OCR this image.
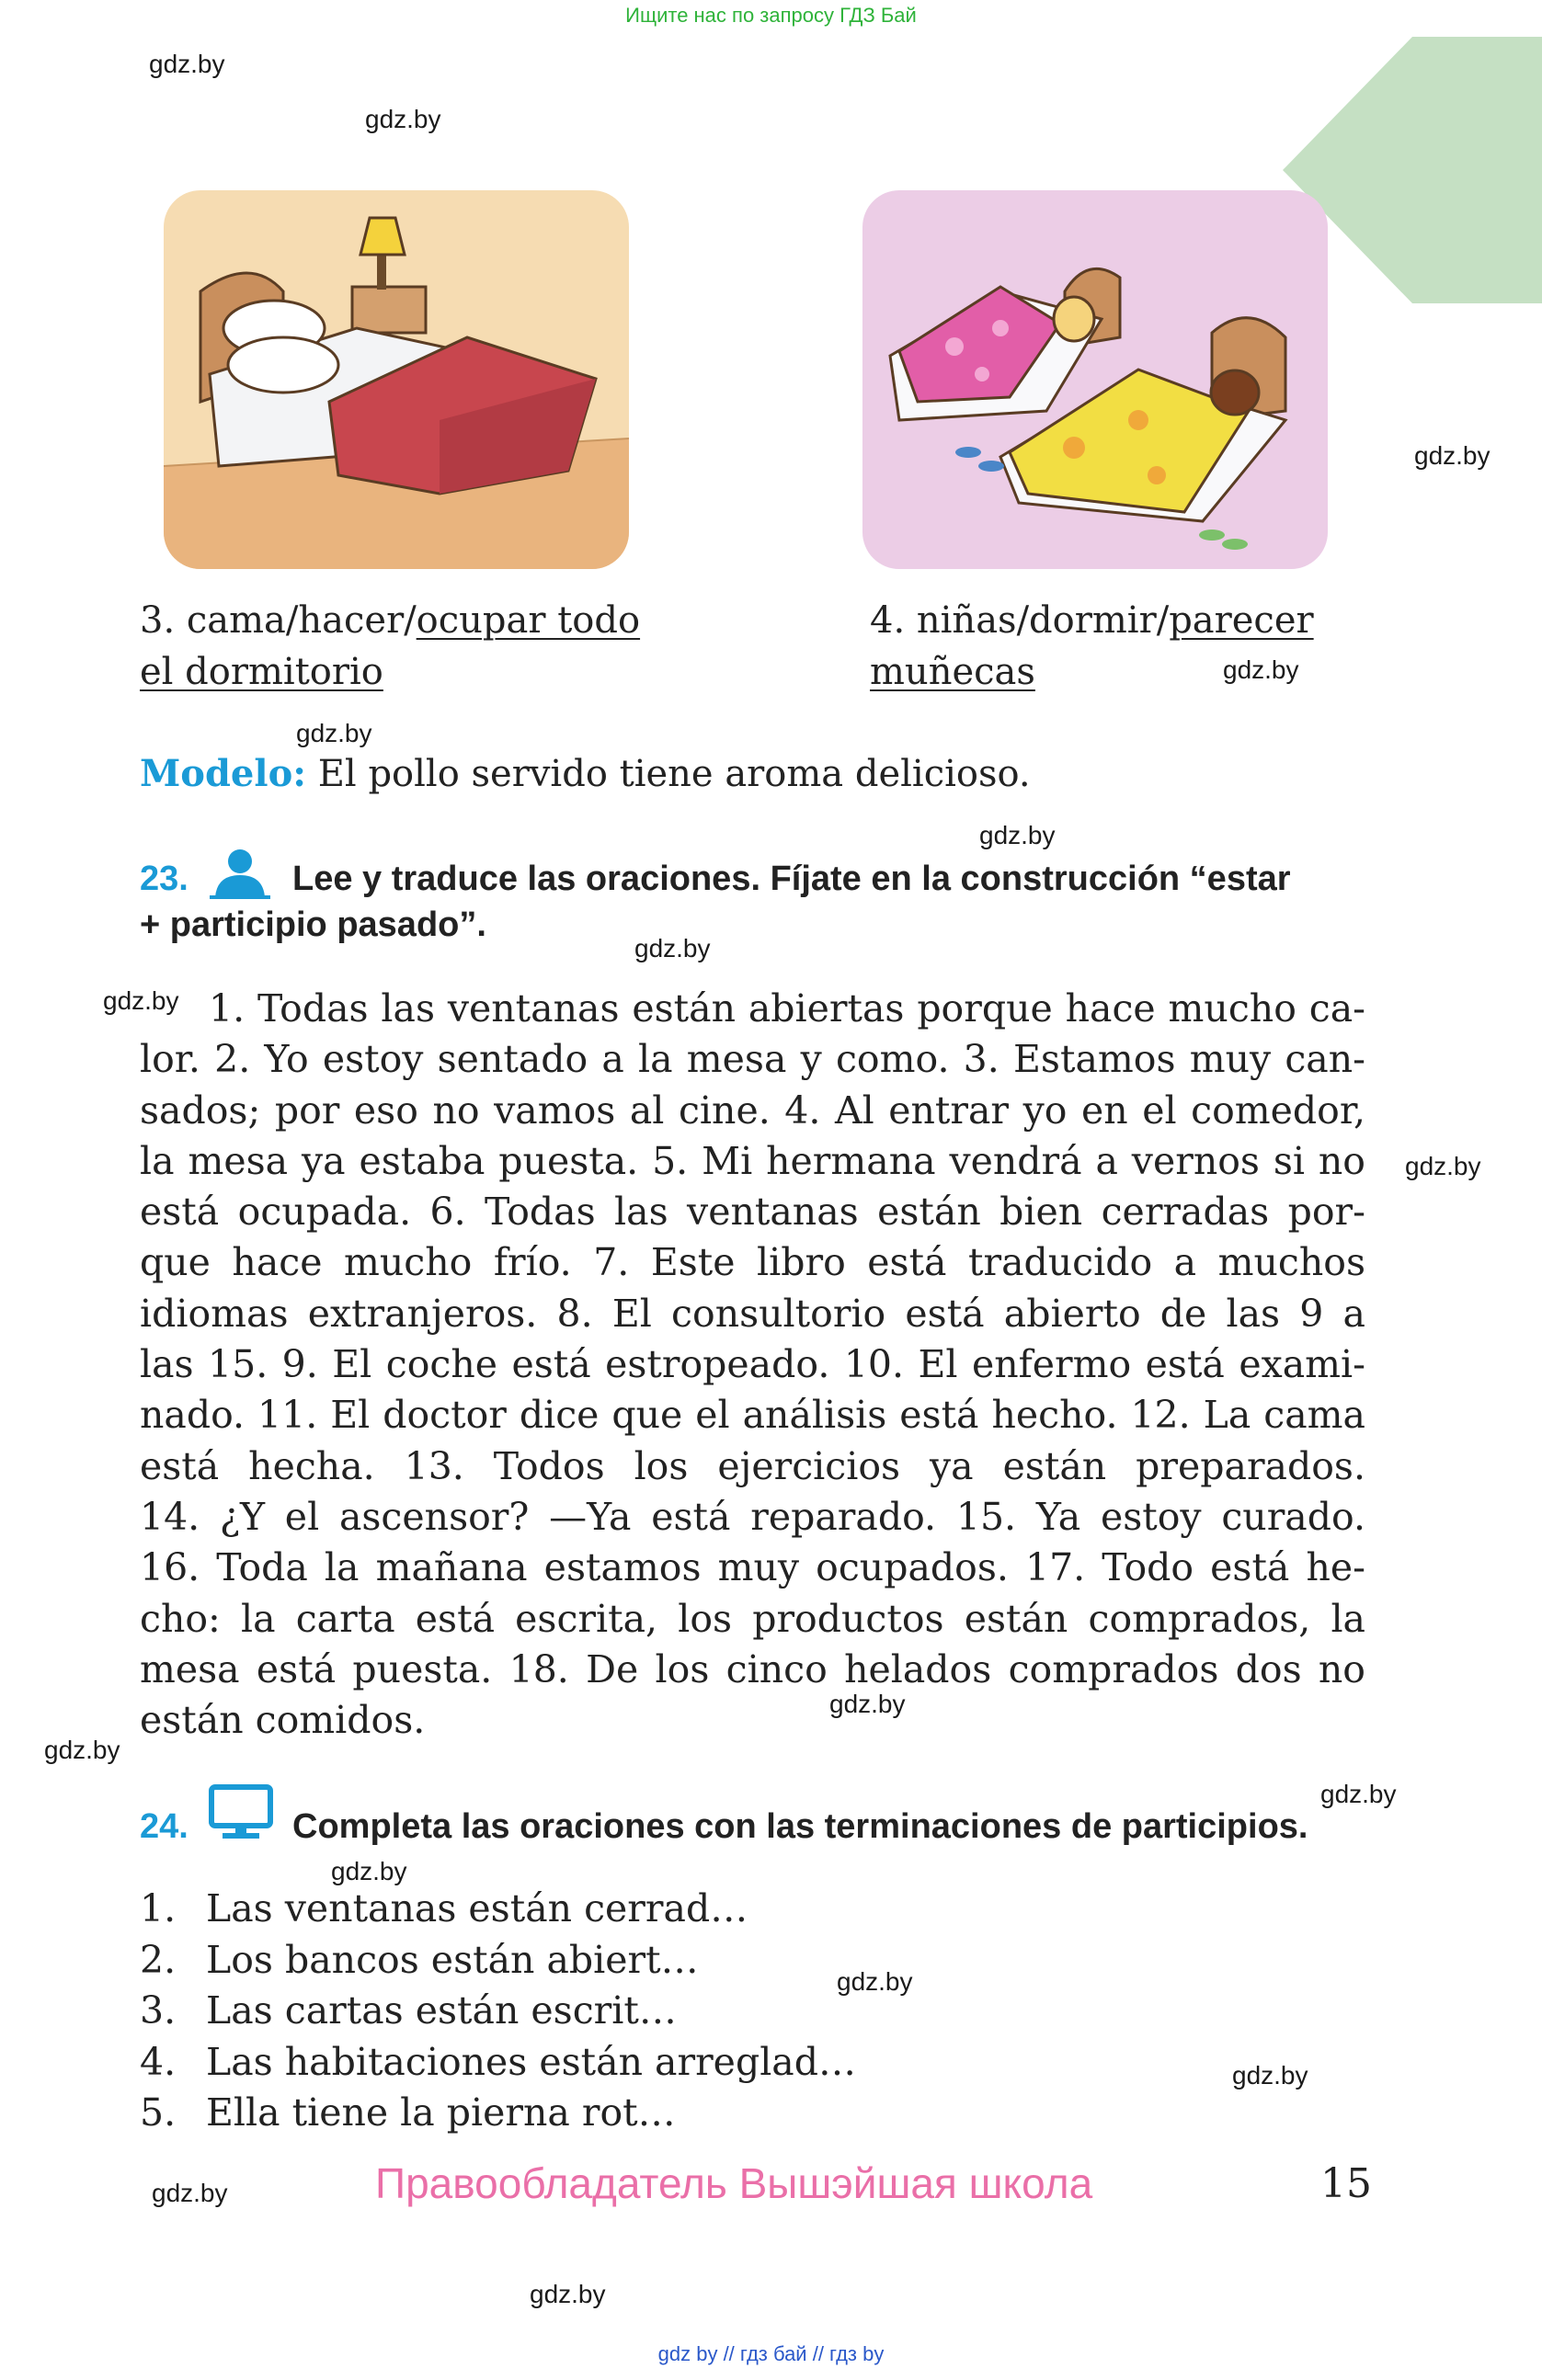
Ищите нас по запросу ГДЗ Бай
gdz.by
gdz.by
gdz.by
gdz.by
gdz.by
gdz.by
gdz.by
gdz.by
gdz.by
gdz.by
gdz.by
gdz.by
gdz.by
gdz.by
gdz.by
gdz.by
gdz.by
3. cama/hacer/ocupar todo
el dormitorio
4. niñas/dormir/parecer
muñecas
Modelo: El pollo servido tiene aroma delicioso.
23.	Lee y traduce las oraciones. Fíjate en la construcción “estar
+ participio pasado”.
1. Todas las ventanas están abiertas porque hace mucho ca-
lor. 2. Yo estoy sentado a la mesa y como. 3. Estamos muy can-
sados; por eso no vamos al cine. 4. Al entrar yo en el comedor,
la mesa ya estaba puesta. 5. Mi hermana vendrá a vernos si no
está ocupada. 6. Todas las ventanas están bien cerradas por-
que hace mucho frío. 7. Este libro está traducido a muchos
idiomas extranjeros. 8. El consultorio está abierto de las 9 a
las 15. 9. El coche está estropeado. 10. El enfermo está exami-
nado. 11. El doctor dice que el análisis está hecho. 12. La cama
está hecha. 13. Todos los ejercicios ya están preparados.
14. ¿Y el ascensor? —Ya está reparado. 15. Ya estoy curado.
16. Toda la mañana estamos muy ocupados. 17. Todo está he-
cho: la carta está escrita, los productos están comprados, la
mesa está puesta. 18. De los cinco helados comprados dos no
están comidos.
24.	Completa las oraciones con las terminaciones de participios.
1. Las ventanas están cerrad…
2. Los bancos están abiert…
3. Las cartas están escrit…
4. Las habitaciones están arreglad…
5. Ella tiene la pierna rot…
Правообладатель Вышэйшая школа	15
gdz by // гдз бай // гдз by
